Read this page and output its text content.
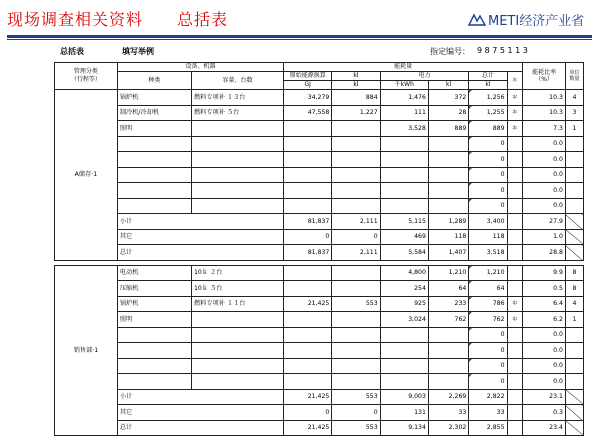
现场调查相关资料　　总括表	METI经济产业省
总括表	填写举例	指定编号： 9 8 7 5 1 1 3
管理分类
（行程等）	设备、机器		能耗量						能耗比率（%）	单位数量
	种类	容量、台数	原始能源换算	kl	电力		总计	＊		
			GJ	kl	千kWh	kl	kl			
A储存·1	锅炉机	燃料专项补 １３台	34,279	884	1,476	372	1,256	＊	10.3	4
	制冷机/冷却机	燃料专项补 ５台	47,558	1,227	111	28	1,255	＊	10.3	3
	照明				3,528	889	889	＊	7.3	1
							0		0.0	
							0		0.0	
							0		0.0	
							0		0.0	
							0		0.0	
	小计		81,837	2,111	5,115	1,289	3,400		27.9	
	其它		0	0	469	118	118		1.0	
	总计		81,837	2,111	5,584	1,407	3,518		28.8	

销售部·1	电动机	10ｋ ２台			4,800	1,210	1,210		9.9	8
	压缩机	10ｋ ５台			254	64	64		0.5	8
	锅炉机	燃料专项补 １１台	21,425	553	925	233	786	＊	6.4	4
	照明				3,024	762	762	＊	6.2	1
							0		0.0	
							0		0.0	
							0		0.0	
							0		0.0	
	小计		21,425	553	9,003	2,269	2,822		23.1	
	其它		0	0	131	33	33		0.3	
	总计		21,425	553	9,134	2,302	2,855		23.4	
